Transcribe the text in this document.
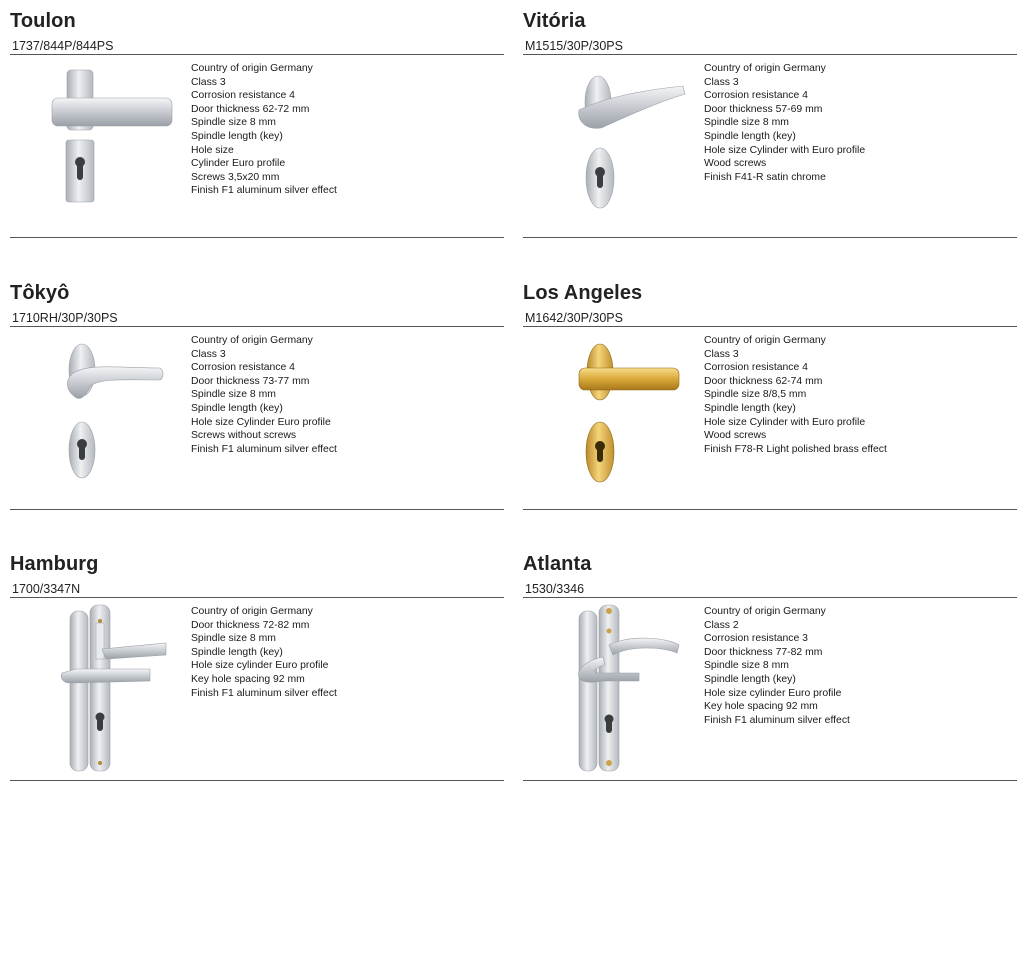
Toulon
1737/844P/844PS
Country of origin Germany
Class 3
Corrosion resistance 4
Door thickness 62-72 mm
Spindle size 8 mm
Spindle length (key)
Hole size
Cylinder Euro profile
Screws 3,5x20 mm
Finish F1 aluminum silver effect
Vitória
M1515/30P/30PS
Country of origin Germany
Class 3
Corrosion resistance 4
Door thickness 57-69 mm
Spindle size 8 mm
Spindle length (key)
Hole size Cylinder with Euro profile
Wood screws
Finish F41-R satin chrome
Tôkyô
1710RH/30P/30PS
Country of origin Germany
Class 3
Corrosion resistance 4
Door thickness 73-77 mm
Spindle size 8 mm
Spindle length (key)
Hole size Cylinder Euro profile
Screws without screws
Finish F1 aluminum silver effect
Los Angeles
M1642/30P/30PS
Country of origin Germany
Class 3
Corrosion resistance 4
Door thickness 62-74 mm
Spindle size 8/8,5 mm
Spindle length (key)
Hole size Cylinder with Euro profile
Wood screws
Finish F78-R Light polished brass effect
Hamburg
1700/3347N
Country of origin Germany
Door thickness 72-82 mm
Spindle size 8 mm
Spindle length (key)
Hole size cylinder Euro profile
Key hole spacing 92 mm
Finish F1 aluminum silver effect
Atlanta
1530/3346
Country of origin Germany
Class 2
Corrosion resistance 3
Door thickness 77-82 mm
Spindle size 8 mm
Spindle length (key)
Hole size cylinder Euro profile
Key hole spacing 92 mm
Finish F1 aluminum silver effect
